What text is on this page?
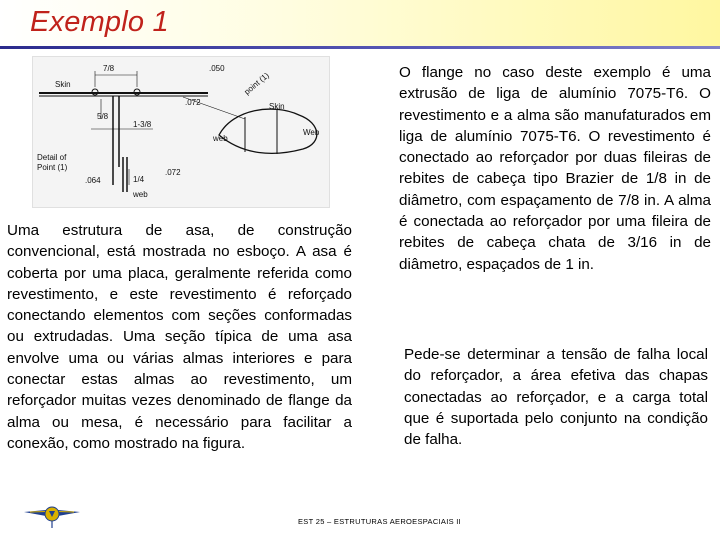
Exemplo 1
Skin
7/8	.050
5/8
1-3/8
.072
point (1)
Skin
web
Web
.072
1/4
Detail of
Point (1)
.064
web
Uma estrutura de asa, de construção convencional, está mostrada no esboço. A asa é coberta por uma placa, geralmente referida como revestimento, e este revestimento é reforçado conectando elementos com seções conformadas ou extrudadas. Uma seção típica de uma asa envolve uma ou várias almas interiores e para conectar estas almas ao revestimento, um reforçador muitas vezes denominado de flange da alma ou mesa, é necessário para facilitar a conexão, como mostrado na figura.
O flange no caso deste exemplo é uma extrusão de liga de alumínio 7075-T6. O revestimento e a alma são manufaturados em liga de alumínio 7075-T6. O revestimento é conectado ao reforçador por duas fileiras de rebites de cabeça tipo Brazier de 1/8 in de diâmetro, com espaçamento de 7/8 in. A alma é conectada ao reforçador por uma fileira de rebites de cabeça chata de 3/16 in de diâmetro, espaçados de 1 in.
Pede-se determinar a tensão de falha local do reforçador, a área efetiva das chapas conectadas ao reforçador, e a carga total que é suportada pelo conjunto na condição de falha.
EST 25 – ESTRUTURAS AEROESPACIAIS II
